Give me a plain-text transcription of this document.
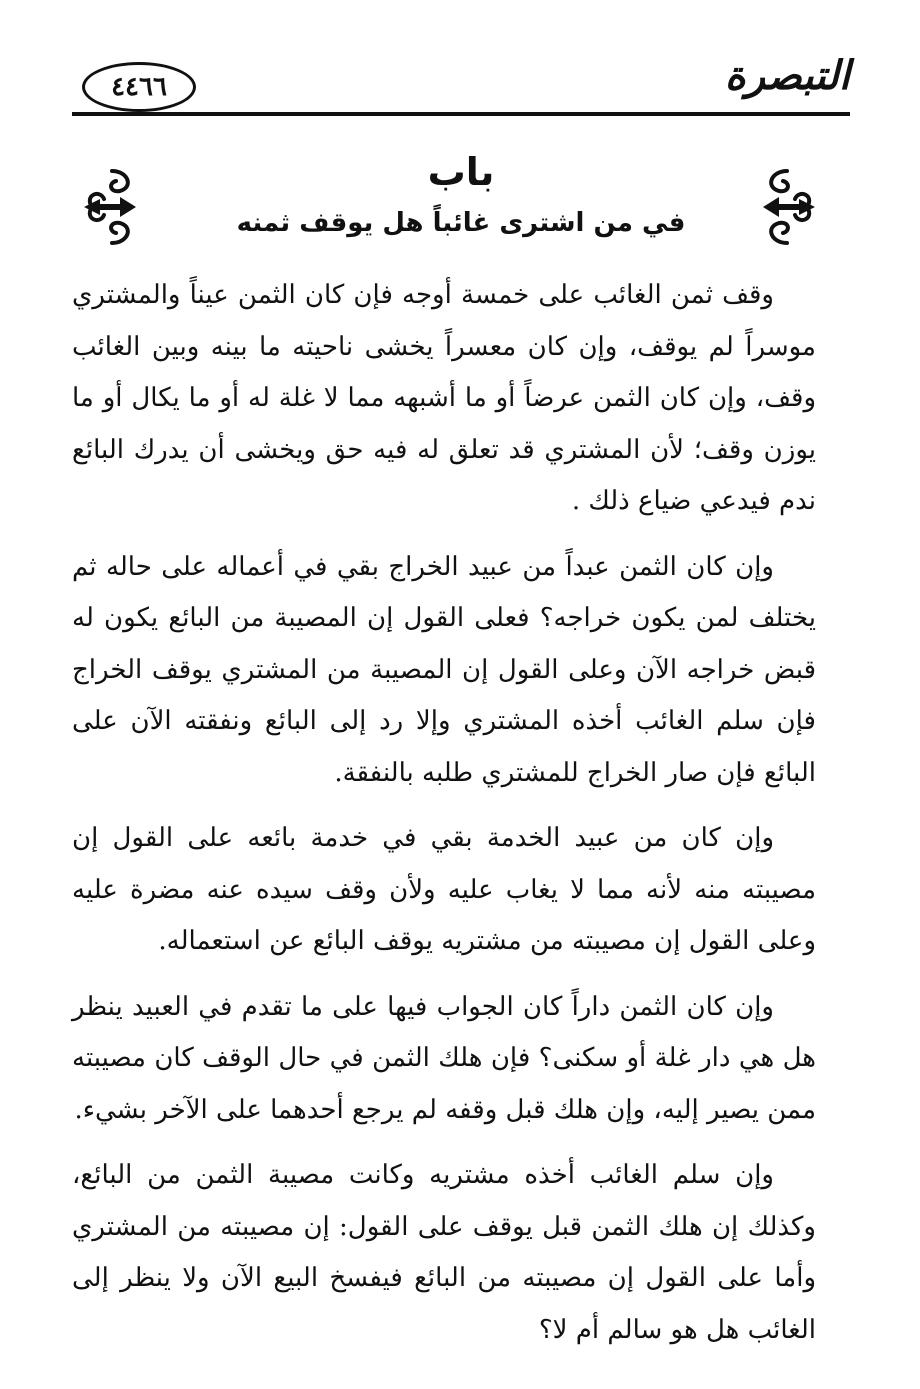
٤٤٦٦	التبصرة
باب
في من اشترى غائباً هل يوقف ثمنه

وقف ثمن الغائب على خمسة أوجه فإن كان الثمن عيناً والمشتري موسراً لم يوقف، وإن كان معسراً يخشى ناحيته ما بينه وبين الغائب وقف، وإن كان الثمن عرضاً أو ما أشبهه مما لا غلة له أو ما يكال أو ما يوزن وقف؛ لأن المشتري قد تعلق له فيه حق ويخشى أن يدرك البائع ندم فيدعي ضياع ذلك .

وإن كان الثمن عبداً من عبيد الخراج بقي في أعماله على حاله ثم يختلف لمن يكون خراجه؟ فعلى القول إن المصيبة من البائع يكون له قبض خراجه الآن وعلى القول إن المصيبة من المشتري يوقف الخراج فإن سلم الغائب أخذه المشتري وإلا رد إلى البائع ونفقته الآن على البائع فإن صار الخراج للمشتري طلبه بالنفقة.

وإن كان من عبيد الخدمة بقي في خدمة بائعه على القول إن مصيبته منه لأنه مما لا يغاب عليه ولأن وقف سيده عنه مضرة عليه وعلى القول إن مصيبته من مشتريه يوقف البائع عن استعماله.

وإن كان الثمن داراً كان الجواب فيها على ما تقدم في العبيد ينظر هل هي دار غلة أو سكنى؟ فإن هلك الثمن في حال الوقف كان مصيبته ممن يصير إليه، وإن هلك قبل وقفه لم يرجع أحدهما على الآخر بشيء.

وإن سلم الغائب أخذه مشتريه وكانت مصيبة الثمن من البائع، وكذلك إن هلك الثمن قبل يوقف على القول: إن مصيبته من المشتري وأما على القول إن مصيبته من البائع فيفسخ البيع الآن ولا ينظر إلى الغائب هل هو سالم أم لا؟
